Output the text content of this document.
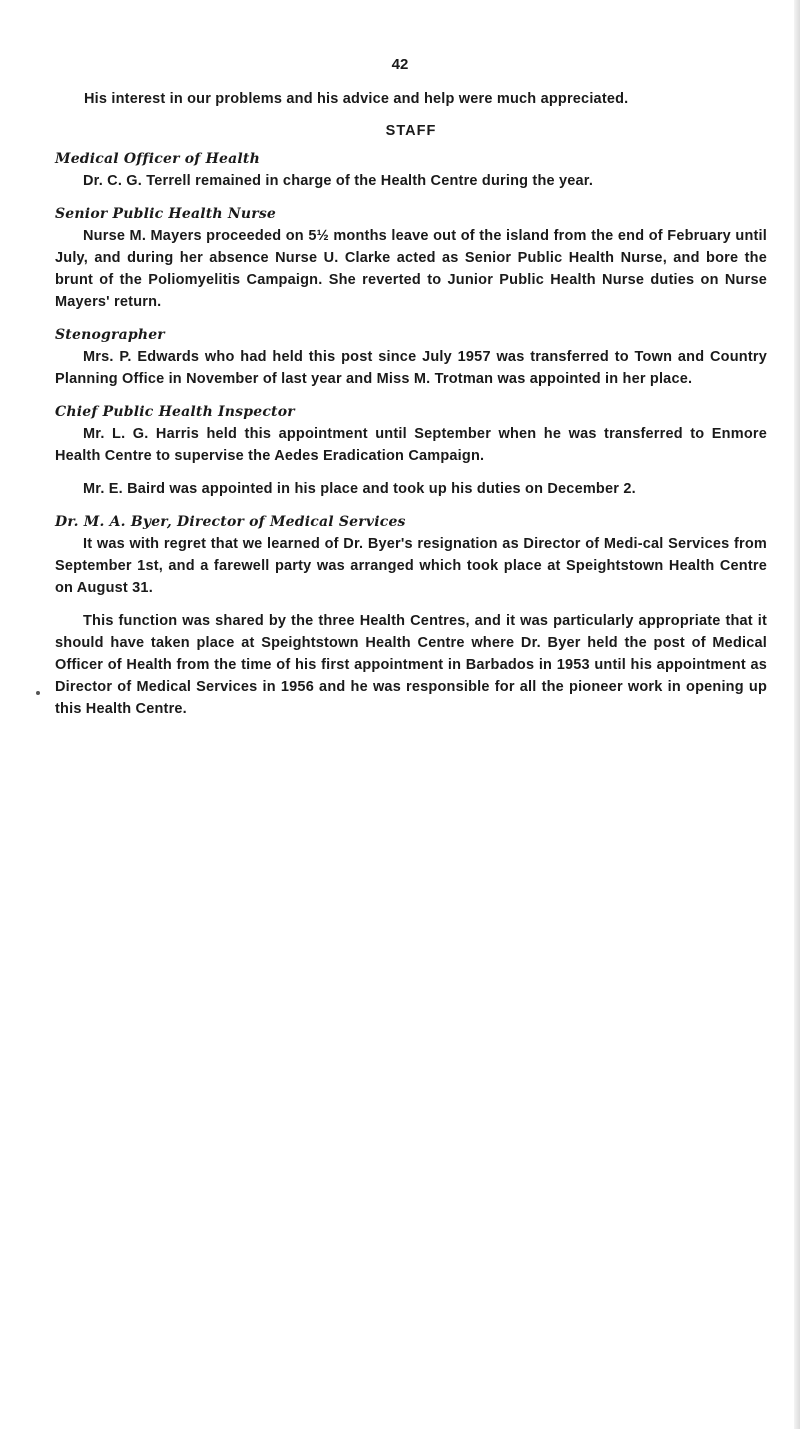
42

His interest in our problems and his advice and help were much appreciated.

STAFF

Medical Officer of Health

Dr. C. G. Terrell remained in charge of the Health Centre during the year.

Senior Public Health Nurse

Nurse M. Mayers proceeded on 5½ months leave out of the island from the end of February until July, and during her absence Nurse U. Clarke acted as Senior Public Health Nurse, and bore the brunt of the Poliomyelitis Campaign. She reverted to Junior Public Health Nurse duties on Nurse Mayers' return.

Stenographer

Mrs. P. Edwards who had held this post since July 1957 was transferred to Town and Country Planning Office in November of last year and Miss M. Trotman was appointed in her place.

Chief Public Health Inspector

Mr. L. G. Harris held this appointment until September when he was transferred to Enmore Health Centre to supervise the Aedes Eradication Campaign.

Mr. E. Baird was appointed in his place and took up his duties on December 2.

Dr. M. A. Byer, Director of Medical Services

It was with regret that we learned of Dr. Byer's resignation as Director of Medi-cal Services from September 1st, and a farewell party was arranged which took place at Speightstown Health Centre on August 31.

This function was shared by the three Health Centres, and it was particularly appropriate that it should have taken place at Speightstown Health Centre where Dr. Byer held the post of Medical Officer of Health from the time of his first appointment in Barbados in 1953 until his appointment as Director of Medical Services in 1956 and he was responsible for all the pioneer work in opening up this Health Centre.
